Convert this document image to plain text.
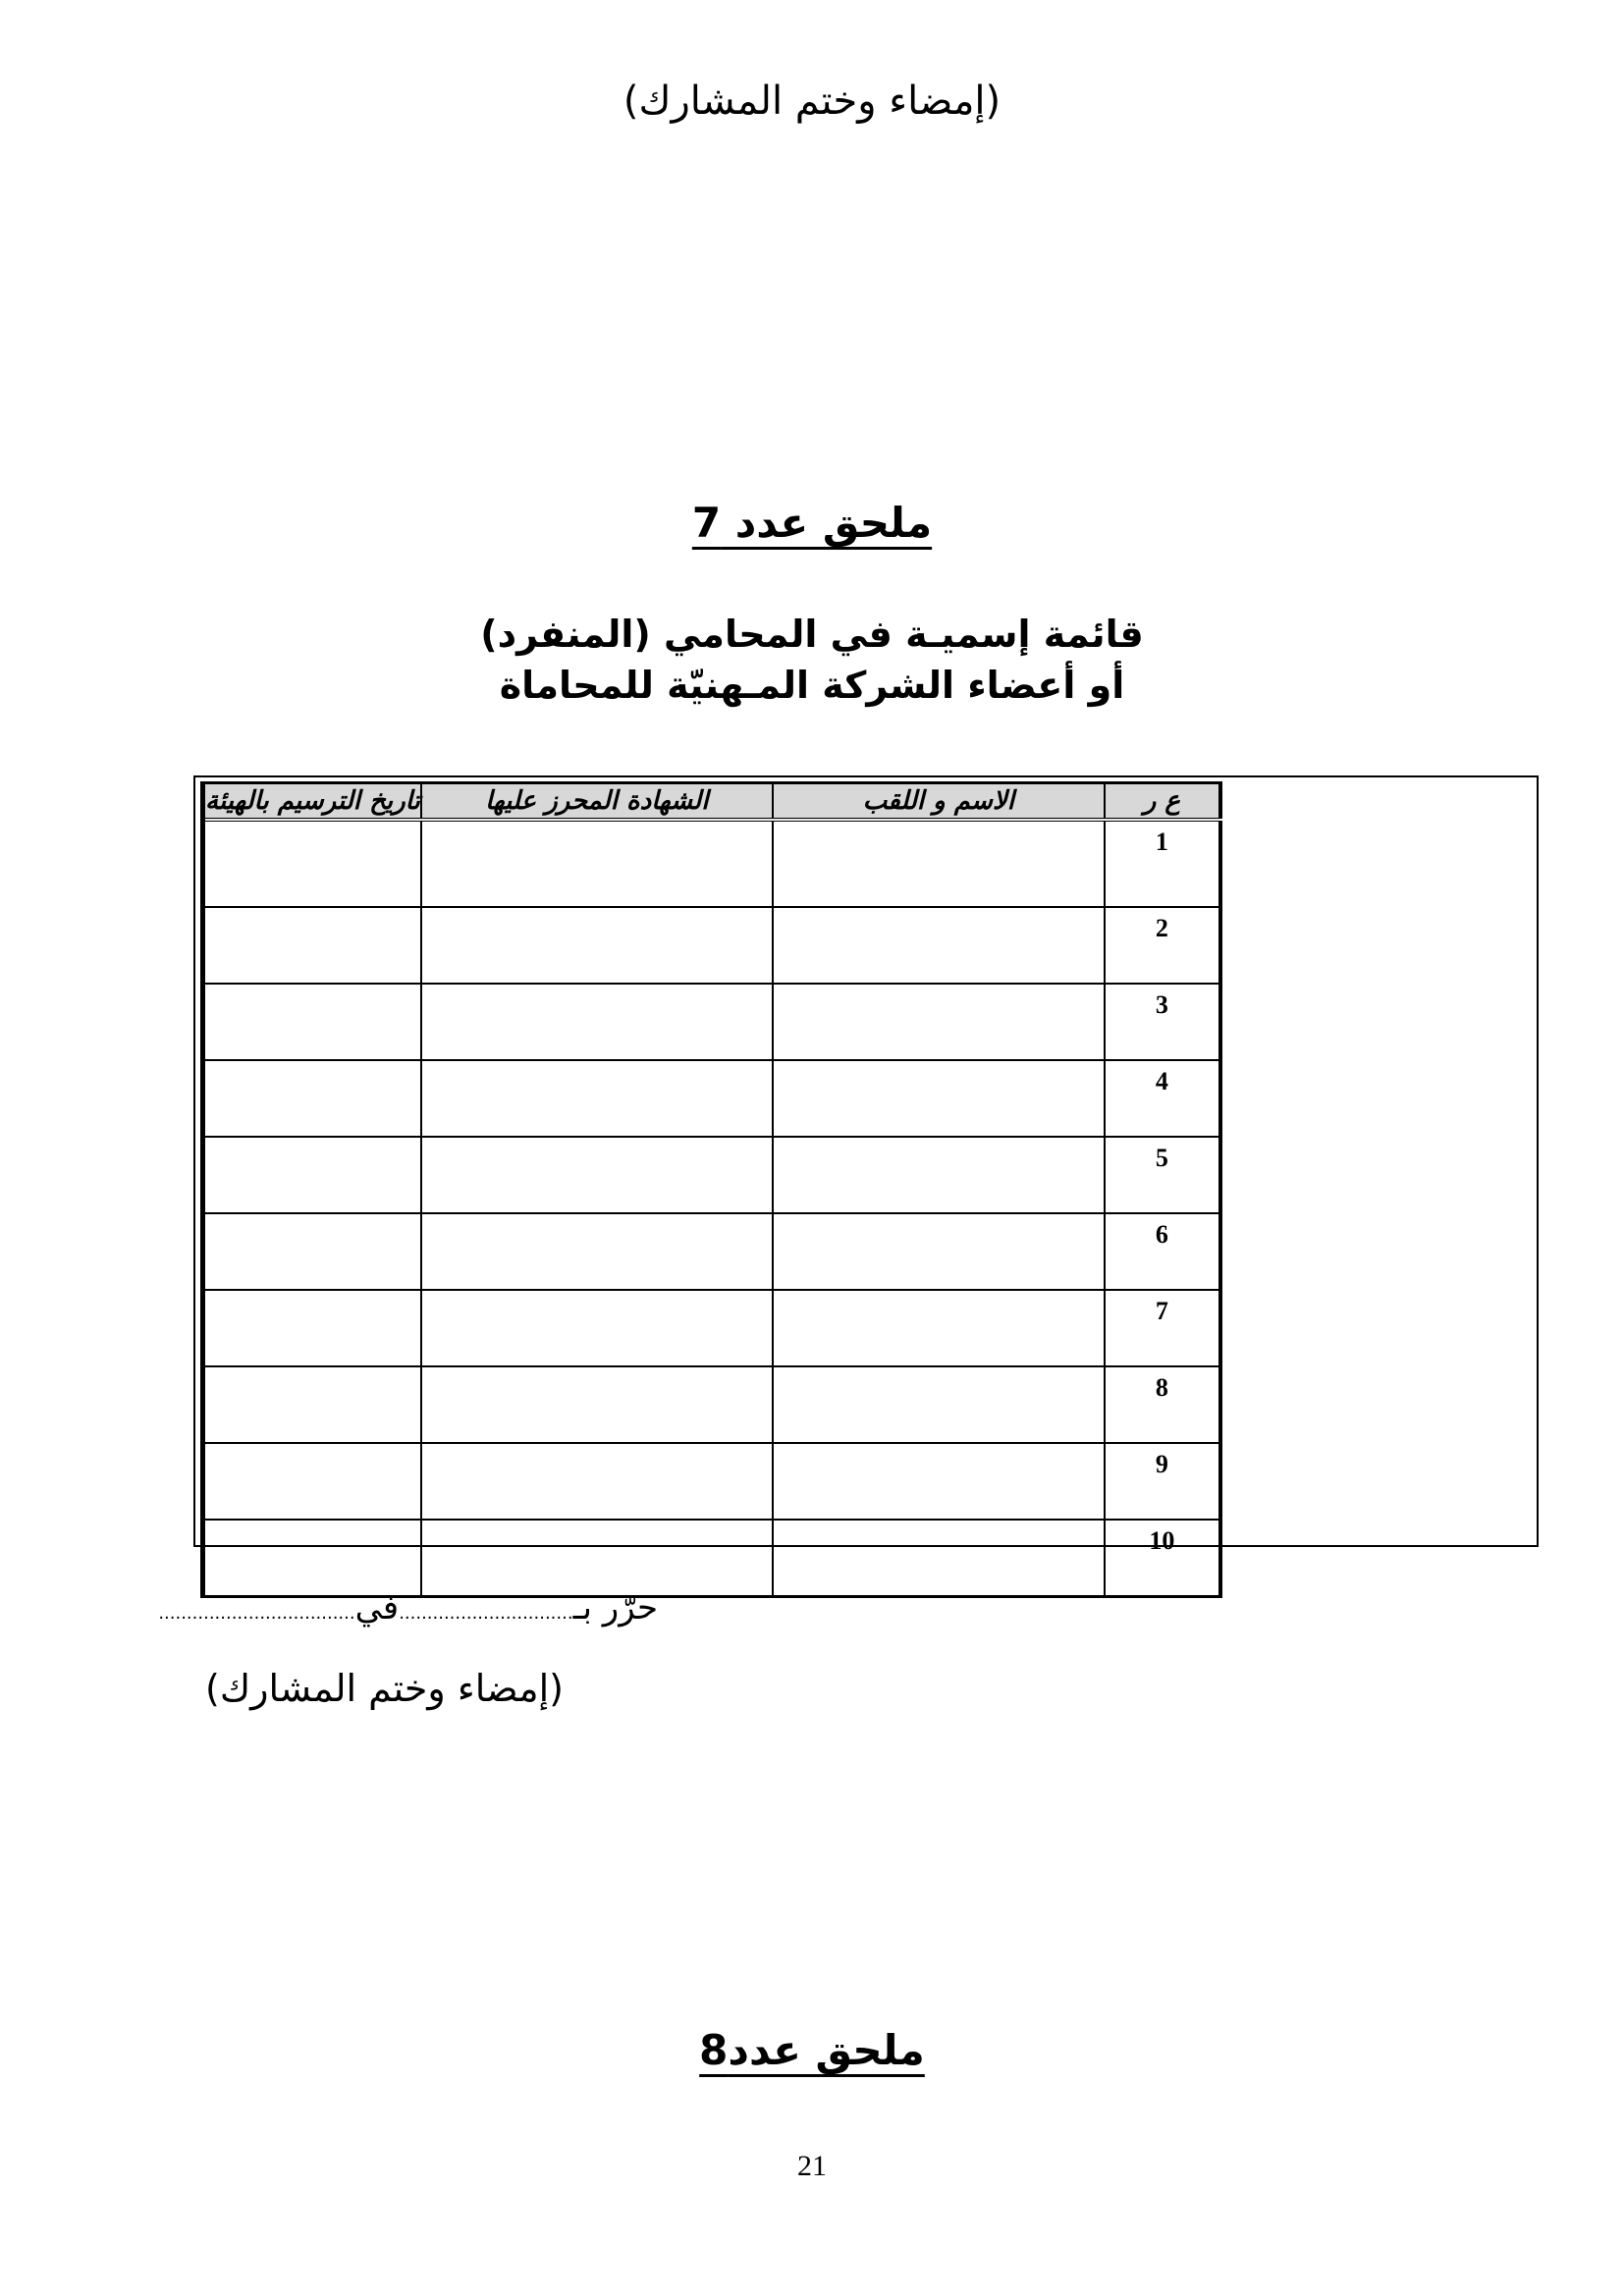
(إمضاء وختم المشارك)
ملحق عدد 7
قائمة إسميـة في المحامي (المنفرد)
أو أعضاء الشركة المـهنيّة للمحاماة
ع ر	الاسم و اللقب	الشهادة المحرز عليها	تاريخ الترسيم بالهيئة
1			
2			
3			
4			
5			
6			
7			
8			
9			
10			
حرّر بـ...............................في...................................
(إمضاء وختم المشارك)
ملحق عدد8
21
